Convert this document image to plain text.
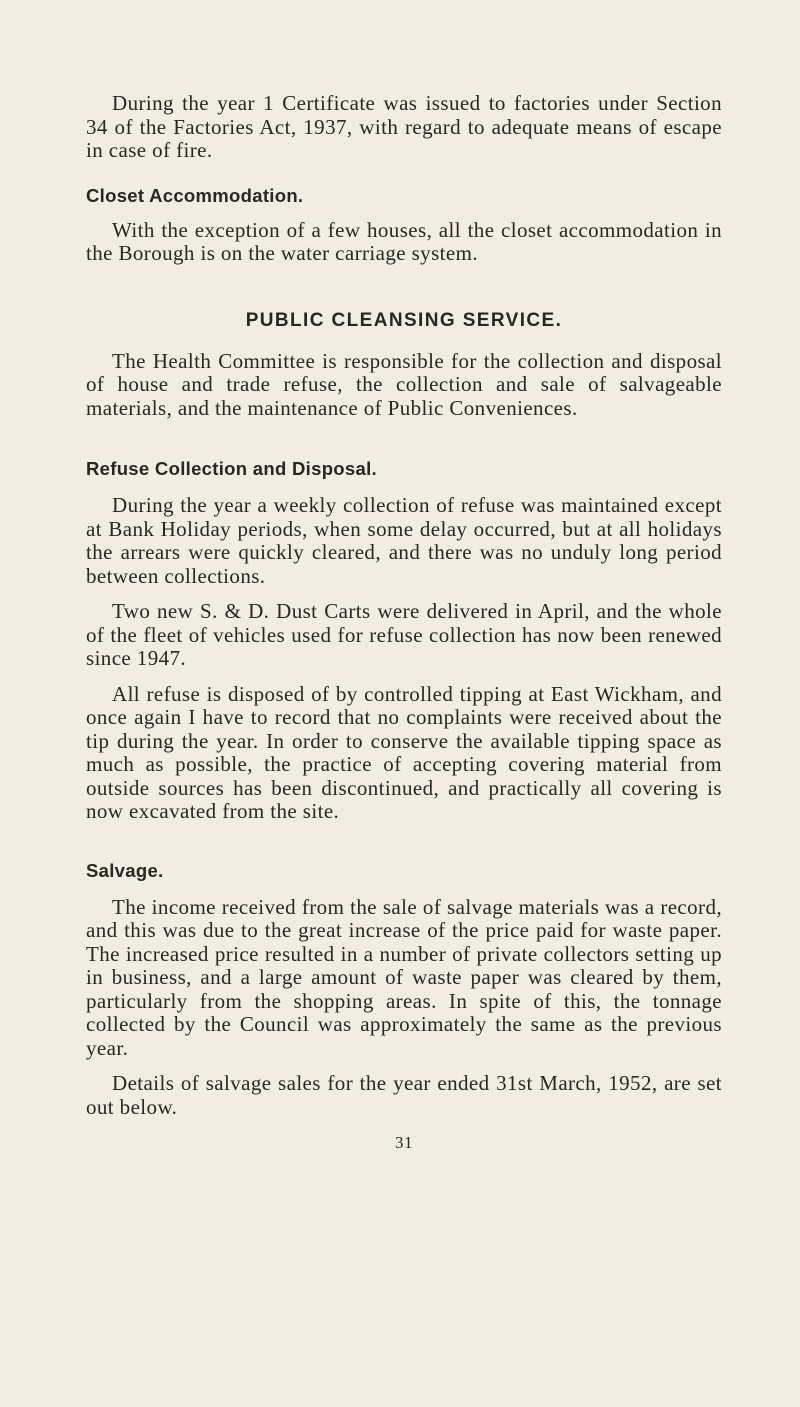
During the year 1 Certificate was issued to factories under Section 34 of the Factories Act, 1937, with regard to adequate means of escape in case of fire.

Closet Accommodation.

With the exception of a few houses, all the closet accommodation in the Borough is on the water carriage system.

PUBLIC CLEANSING SERVICE.

The Health Committee is responsible for the collection and disposal of house and trade refuse, the collection and sale of salvageable materials, and the maintenance of Public Conveniences.

Refuse Collection and Disposal.

During the year a weekly collection of refuse was maintained except at Bank Holiday periods, when some delay occurred, but at all holidays the arrears were quickly cleared, and there was no unduly long period between collections.

Two new S. & D. Dust Carts were delivered in April, and the whole of the fleet of vehicles used for refuse collection has now been renewed since 1947.

All refuse is disposed of by controlled tipping at East Wickham, and once again I have to record that no complaints were received about the tip during the year. In order to conserve the available tipping space as much as possible, the practice of accepting covering material from outside sources has been discontinued, and practically all covering is now excavated from the site.

Salvage.

The income received from the sale of salvage materials was a record, and this was due to the great increase of the price paid for waste paper. The increased price resulted in a number of private collectors setting up in business, and a large amount of waste paper was cleared by them, particularly from the shopping areas. In spite of this, the tonnage collected by the Council was approximately the same as the previous year.

Details of salvage sales for the year ended 31st March, 1952, are set out below.

31
